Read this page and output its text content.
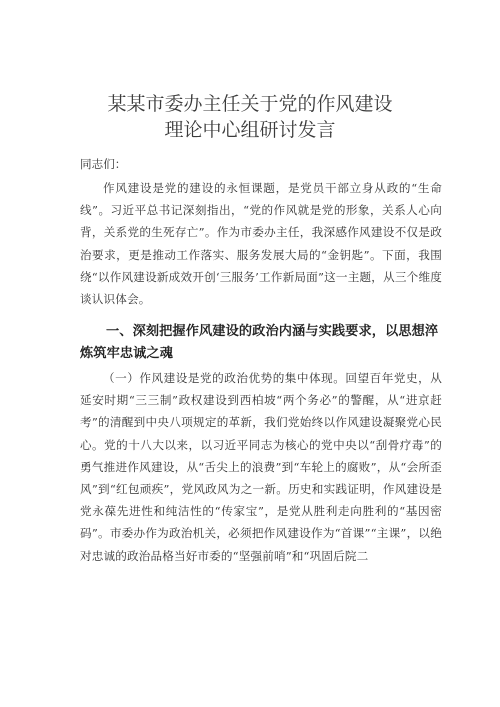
某某市委办主任关于党的作风建设
理论中心组研讨发言
同志们：
作风建设是党的建设的永恒课题，是党员干部立身从政的“生命线”。习近平总书记深刻指出，“党的作风就是党的形象，关系人心向背，关系党的生死存亡”。作为市委办主任，我深感作风建设不仅是政治要求，更是推动工作落实、服务发展大局的“金钥匙”。下面，我围绕“以作风建设新成效开创‘三服务’工作新局面”这一主题，从三个维度谈认识体会。
一、深刻把握作风建设的政治内涵与实践要求，以思想淬炼筑牢忠诚之魂
（一）作风建设是党的政治优势的集中体现。回望百年党史，从延安时期“三三制”政权建设到西柏坡“两个务必”的警醒，从“进京赶考”的清醒到中央八项规定的革新，我们党始终以作风建设凝聚党心民心。党的十八大以来，以习近平同志为核心的党中央以“刮骨疗毒”的勇气推进作风建设，从“舌尖上的浪费”到“车轮上的腐败”，从“会所歪风”到“红包顽疾”，党风政风为之一新。历史和实践证明，作风建设是党永葆先进性和纯洁性的“传家宝”，是党从胜利走向胜利的“基因密码”。市委办作为政治机关，必须把作风建设作为“首课”“主课”，以绝对忠诚的政治品格当好市委的“坚强前哨”和“巩固后院二
